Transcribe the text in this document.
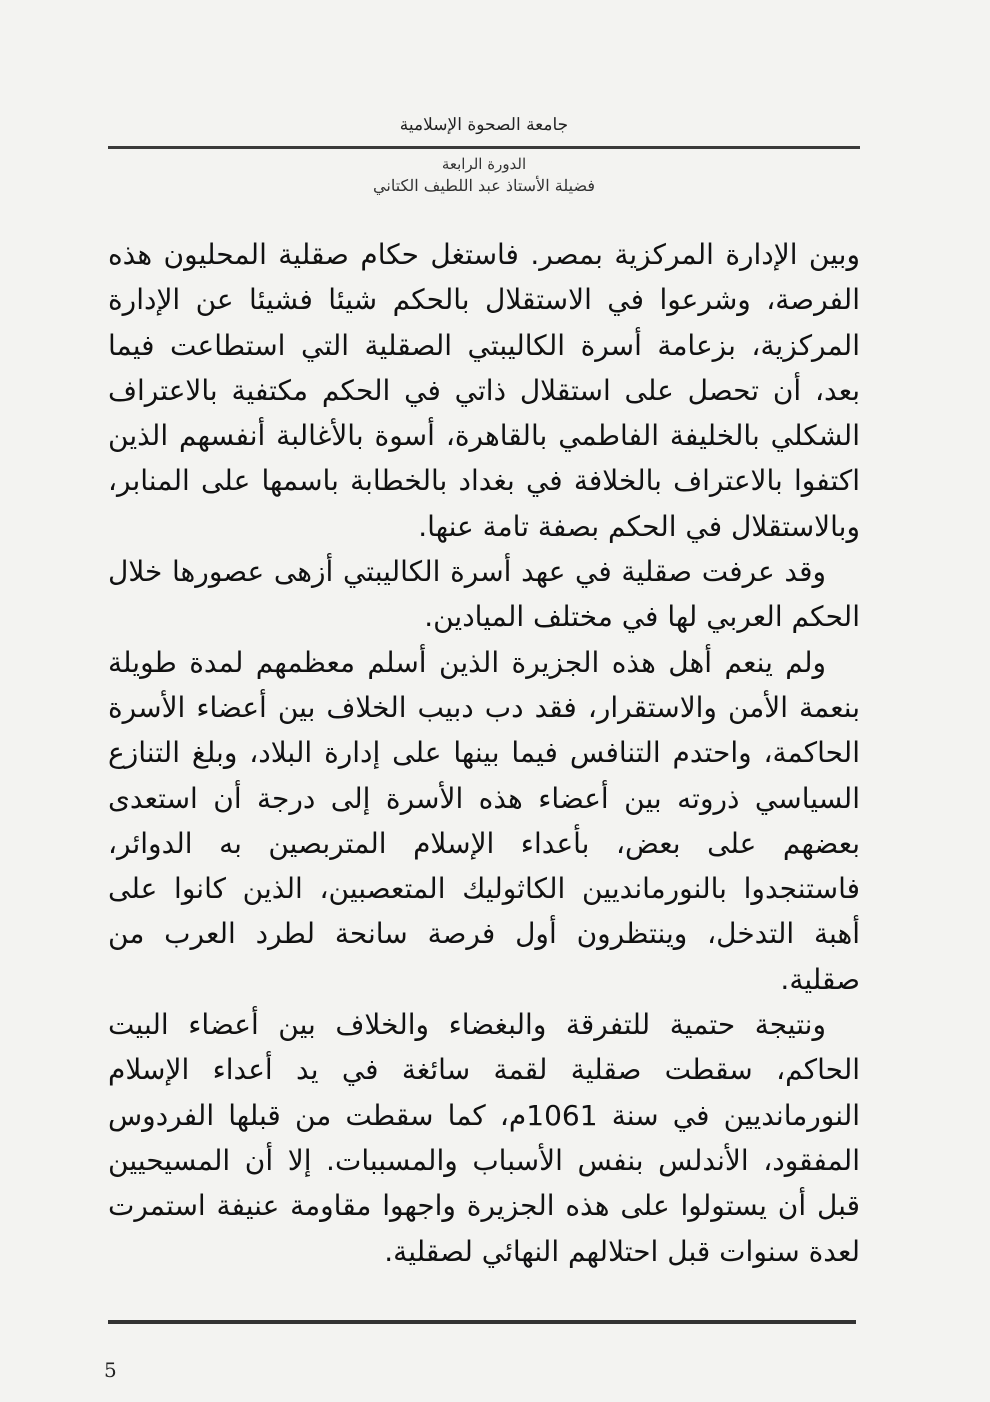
جامعة الصحوة الإسلامية
الدورة الرابعة
فضيلة الأستاذ عبد اللطيف الكتاني

وبين الإدارة المركزية بمصر. فاستغل حكام صقلية المحليون هذه الفرصة، وشرعوا في الاستقلال بالحكم شيئا فشيئا عن الإدارة المركزية، بزعامة أسرة الكاليبتي الصقلية التي استطاعت فيما بعد، أن تحصل على استقلال ذاتي في الحكم مكتفية بالاعتراف الشكلي بالخليفة الفاطمي بالقاهرة، أسوة بالأغالبة أنفسهم الذين اكتفوا بالاعتراف بالخلافة في بغداد بالخطابة باسمها على المنابر، وبالاستقلال في الحكم بصفة تامة عنها.

وقد عرفت صقلية في عهد أسرة الكاليبتي أزهى عصورها خلال الحكم العربي لها في مختلف الميادين.

ولم ينعم أهل هذه الجزيرة الذين أسلم معظمهم لمدة طويلة بنعمة الأمن والاستقرار، فقد دب دبيب الخلاف بين أعضاء الأسرة الحاكمة، واحتدم التنافس فيما بينها على إدارة البلاد، وبلغ التنازع السياسي ذروته بين أعضاء هذه الأسرة إلى درجة أن استعدى بعضهم على بعض، بأعداء الإسلام المتربصين به الدوائر، فاستنجدوا بالنورمانديين الكاثوليك المتعصبين، الذين كانوا على أهبة التدخل، وينتظرون أول فرصة سانحة لطرد العرب من صقلية.

ونتيجة حتمية للتفرقة والبغضاء والخلاف بين أعضاء البيت الحاكم، سقطت صقلية لقمة سائغة في يد أعداء الإسلام النورمانديين في سنة 1061م، كما سقطت من قبلها الفردوس المفقود، الأندلس بنفس الأسباب والمسببات. إلا أن المسيحيين قبل أن يستولوا على هذه الجزيرة واجهوا مقاومة عنيفة استمرت لعدة سنوات قبل احتلالهم النهائي لصقلية.

5
